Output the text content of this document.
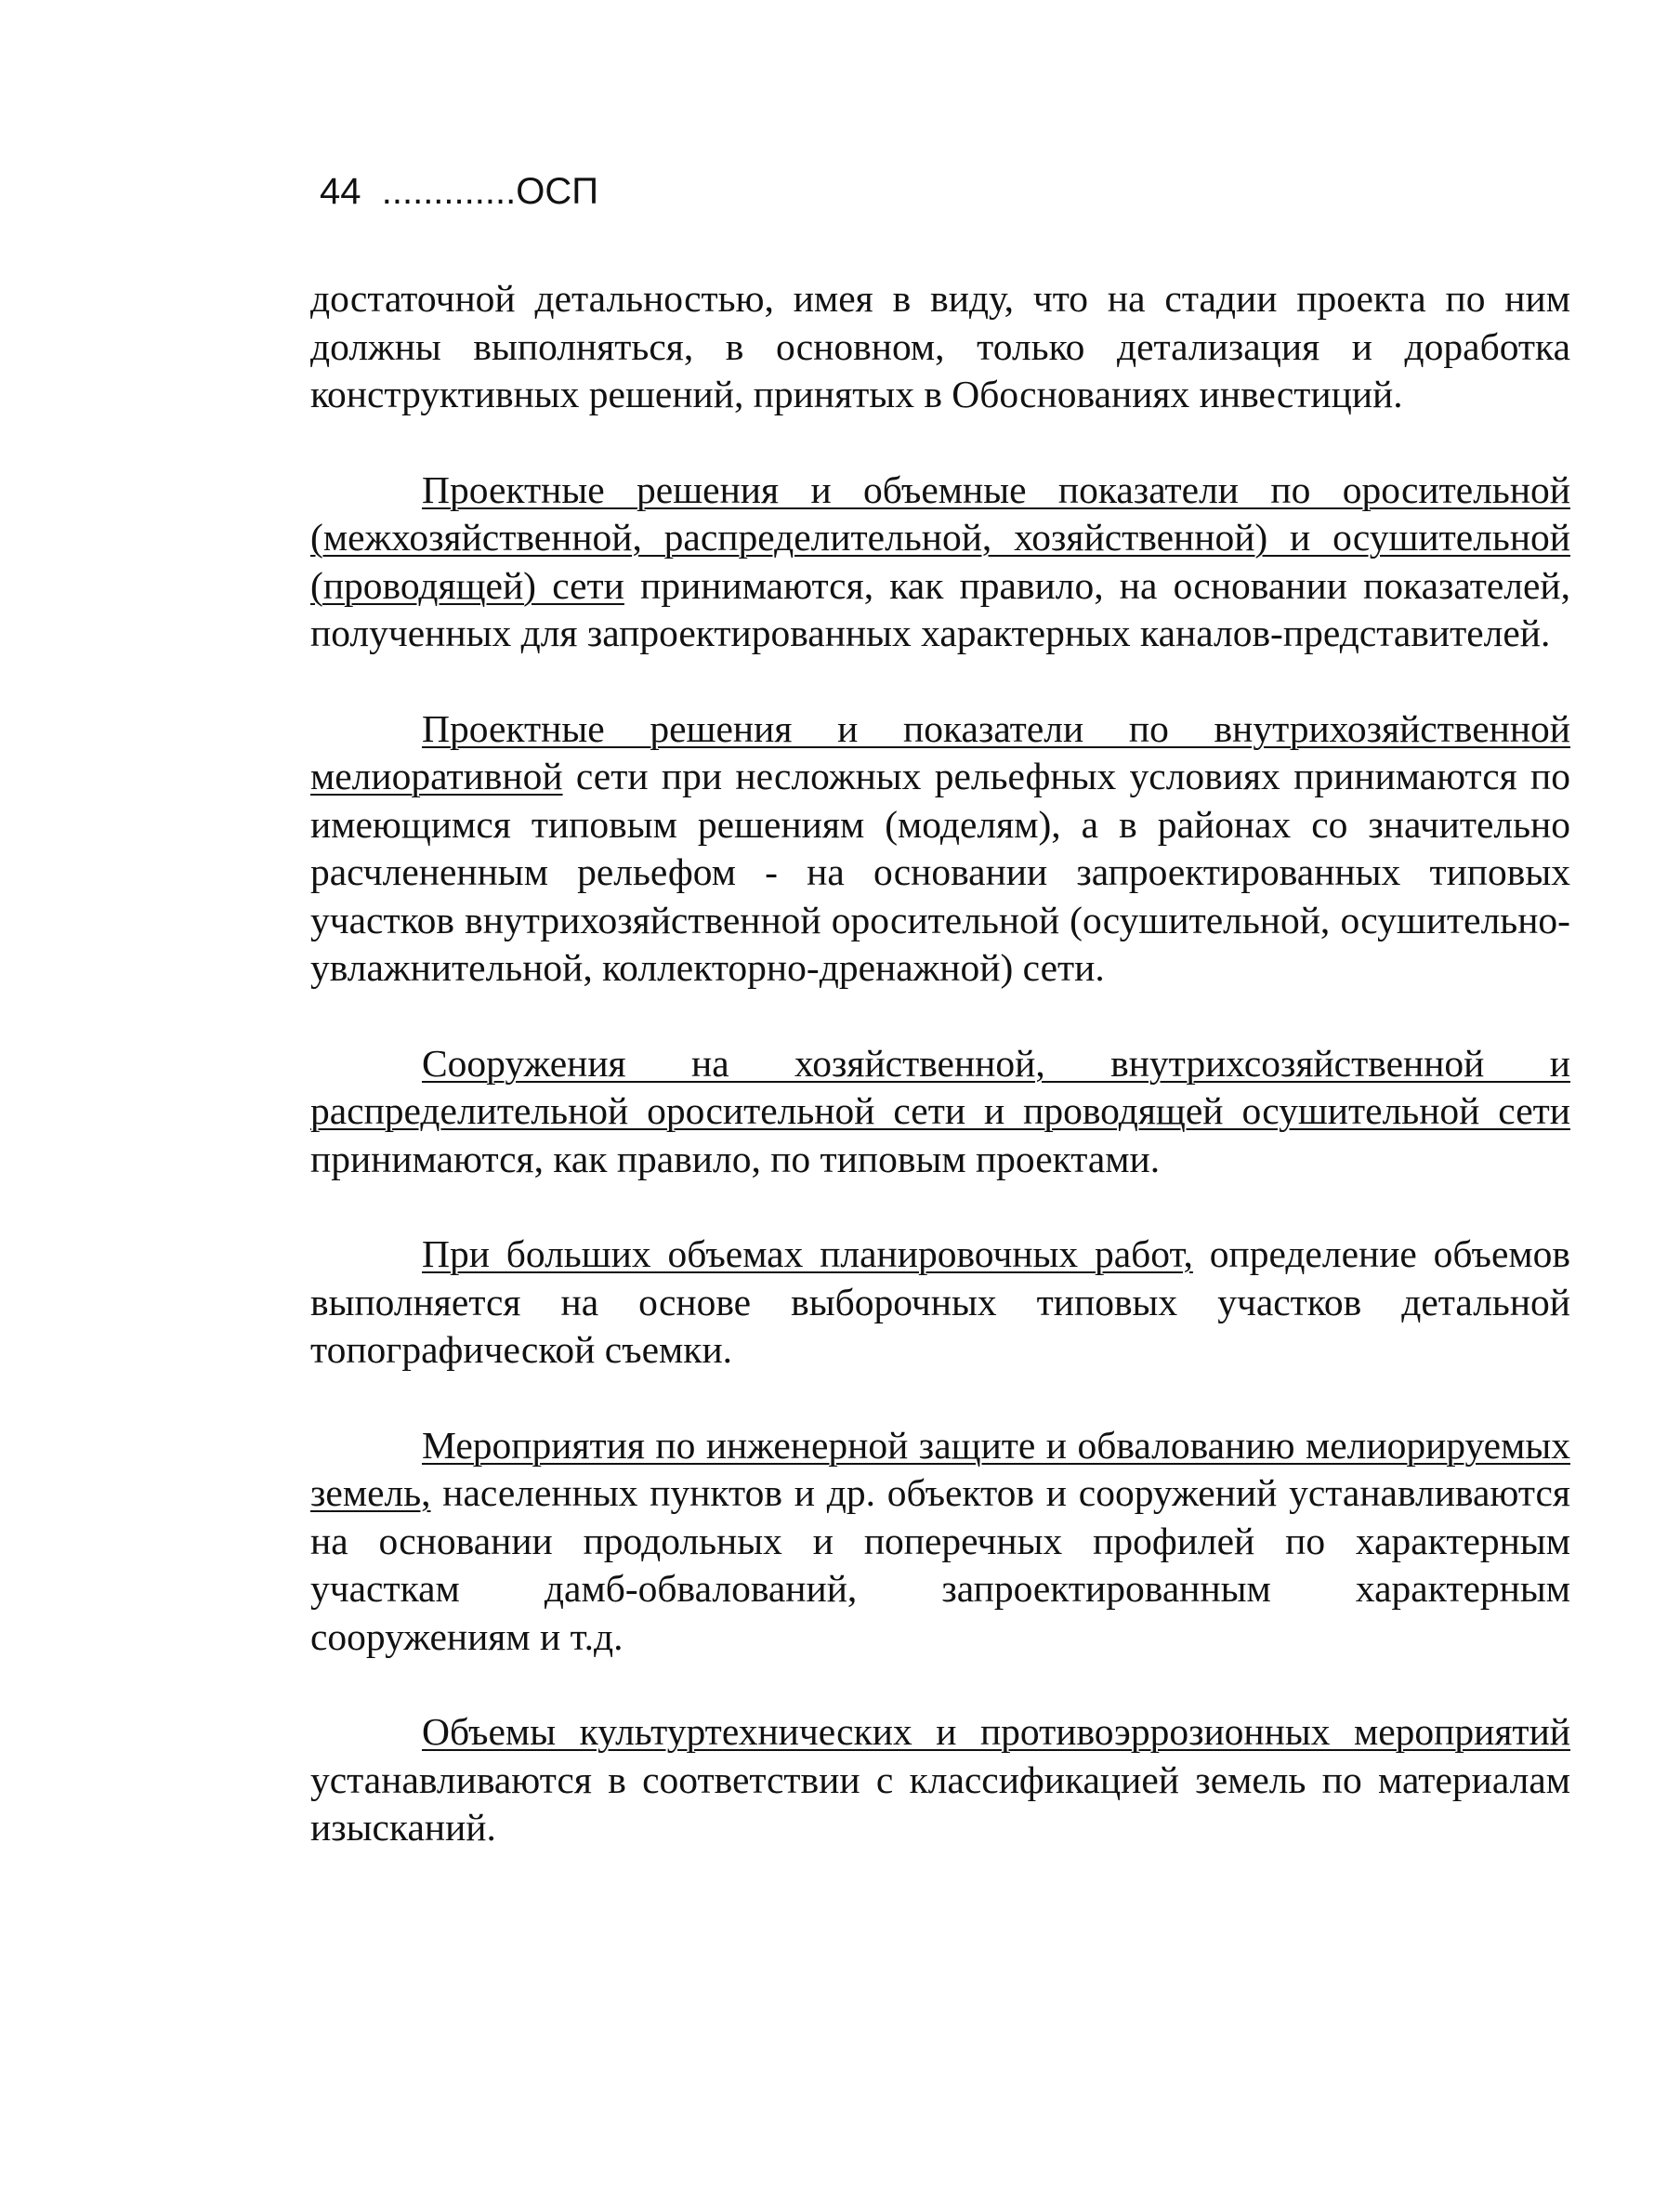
44 .............ОСП

достаточной детальностью, имея в виду, что на стадии проекта по ним должны выполняться, в основном, только детализация и доработка конструктивных решений, принятых в Обоснованиях инвестиций.

Проектные решения и объемные показатели по оросительной (межхозяйственной, распределительной, хозяйственной) и осушительной (проводящей) сети принимаются, как правило, на основании показателей, полученных для запроектированных характерных каналов-представителей.

Проектные решения и показатели по внутрихозяйственной мелиоративной сети при несложных рельефных условиях принимаются по имеющимся типовым решениям (моделям), а в районах со значительно расчлененным рельефом - на основании запроектированных типовых участков внутрихозяйственной оросительной (осушительной, осушительно-увлажнительной, коллекторно-дренажной) сети.

Сооружения на хозяйственной, внутрихсозяйственной и распределительной оросительной сети и проводящей осушительной сети принимаются, как правило, по типовым проектами.

При больших объемах планировочных работ, определение объемов выполняется на основе выборочных типовых участков детальной топографической съемки.

Мероприятия по инженерной защите и обвалованию мелиорируемых земель, населенных пунктов и др. объектов и сооружений устанавливаются на основании продольных и поперечных профилей по характерным участкам дамб-обвалований, запроектированным характерным сооружениям и т.д.

Объемы культуртехнических и противоэррозионных мероприятий устанавливаются в соответствии с классификацией земель по материалам изысканий.
